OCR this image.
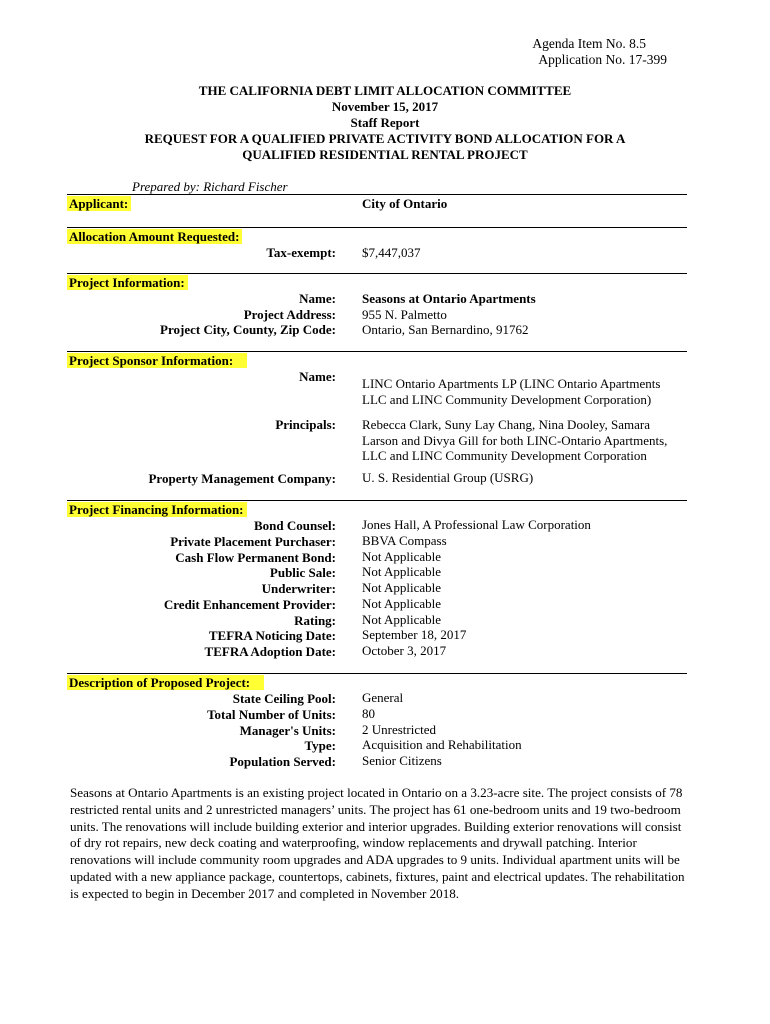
Agenda Item No. 8.5
Application No. 17-399
THE CALIFORNIA DEBT LIMIT ALLOCATION COMMITTEE
November 15, 2017
Staff Report
REQUEST FOR A QUALIFIED PRIVATE ACTIVITY BOND ALLOCATION FOR A
QUALIFIED RESIDENTIAL RENTAL PROJECT
Prepared by: Richard Fischer
Applicant:	City of Ontario
Allocation Amount Requested:
Tax-exempt: $7,447,037
Project Information:
Name: Seasons at Ontario Apartments
Project Address: 955 N. Palmetto
Project City, County, Zip Code: Ontario, San Bernardino, 91762
Project Sponsor Information:
Name: LINC Ontario Apartments LP (LINC Ontario Apartments LLC and LINC Community Development Corporation)
Principals: Rebecca Clark, Suny Lay Chang, Nina Dooley, Samara Larson and Divya Gill for both LINC-Ontario Apartments, LLC and LINC Community Development Corporation
Property Management Company: U. S. Residential Group (USRG)
Project Financing Information:
Bond Counsel:
Private Placement Purchaser:
Cash Flow Permanent Bond:
Public Sale:
Underwriter:
Credit Enhancement Provider:
Rating:
TEFRA Noticing Date:
TEFRA Adoption Date:
Jones Hall, A Professional Law Corporation
BBVA Compass
Not Applicable
Not Applicable
Not Applicable
Not Applicable
Not Applicable
September 18, 2017
October 3, 2017
Description of Proposed Project:
State Ceiling Pool:
Total Number of Units:
Manager's Units:
Type:
Population Served:
General
80
2 Unrestricted
Acquisition and Rehabilitation
Senior Citizens
Seasons at Ontario Apartments is an existing project located in Ontario on a 3.23-acre site. The project consists of 78 restricted rental units and 2 unrestricted managers’ units. The project has 61 one-bedroom units and 19 two-bedroom units. The renovations will include building exterior and interior upgrades. Building exterior renovations will consist of dry rot repairs, new deck coating and waterproofing, window replacements and drywall patching. Interior renovations will include community room upgrades and ADA upgrades to 9 units. Individual apartment units will be updated with a new appliance package, countertops, cabinets, fixtures, paint and electrical updates. The rehabilitation is expected to begin in December 2017 and completed in November 2018.
